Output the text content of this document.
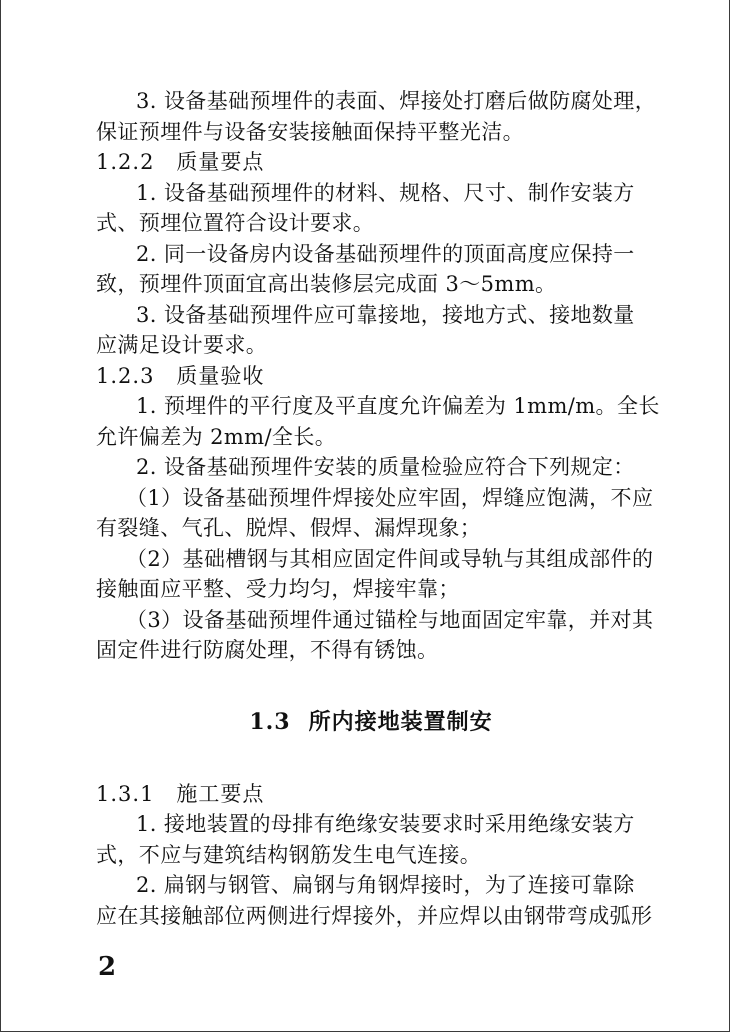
3. 设备基础预埋件的表面、焊接处打磨后做防腐处理，
保证预埋件与设备安装接触面保持平整光洁。
1.2.2　质量要点
1. 设备基础预埋件的材料、规格、尺寸、制作安装方
式、预埋位置符合设计要求。
2. 同一设备房内设备基础预埋件的顶面高度应保持一
致，预埋件顶面宜高出装修层完成面 3～5mm。
3. 设备基础预埋件应可靠接地，接地方式、接地数量
应满足设计要求。
1.2.3　质量验收
1. 预埋件的平行度及平直度允许偏差为 1mm/m。全长
允许偏差为 2mm/全长。
2. 设备基础预埋件安装的质量检验应符合下列规定：
（1）设备基础预埋件焊接处应牢固，焊缝应饱满，不应
有裂缝、气孔、脱焊、假焊、漏焊现象；
（2）基础槽钢与其相应固定件间或导轨与其组成部件的
接触面应平整、受力均匀，焊接牢靠；
（3）设备基础预埋件通过锚栓与地面固定牢靠，并对其
固定件进行防腐处理，不得有锈蚀。
1.3 所内接地装置制安
1.3.1　施工要点
1. 接地装置的母排有绝缘安装要求时采用绝缘安装方
式，不应与建筑结构钢筋发生电气连接。
2. 扁钢与钢管、扁钢与角钢焊接时，为了连接可靠除
应在其接触部位两侧进行焊接外，并应焊以由钢带弯成弧形
2
